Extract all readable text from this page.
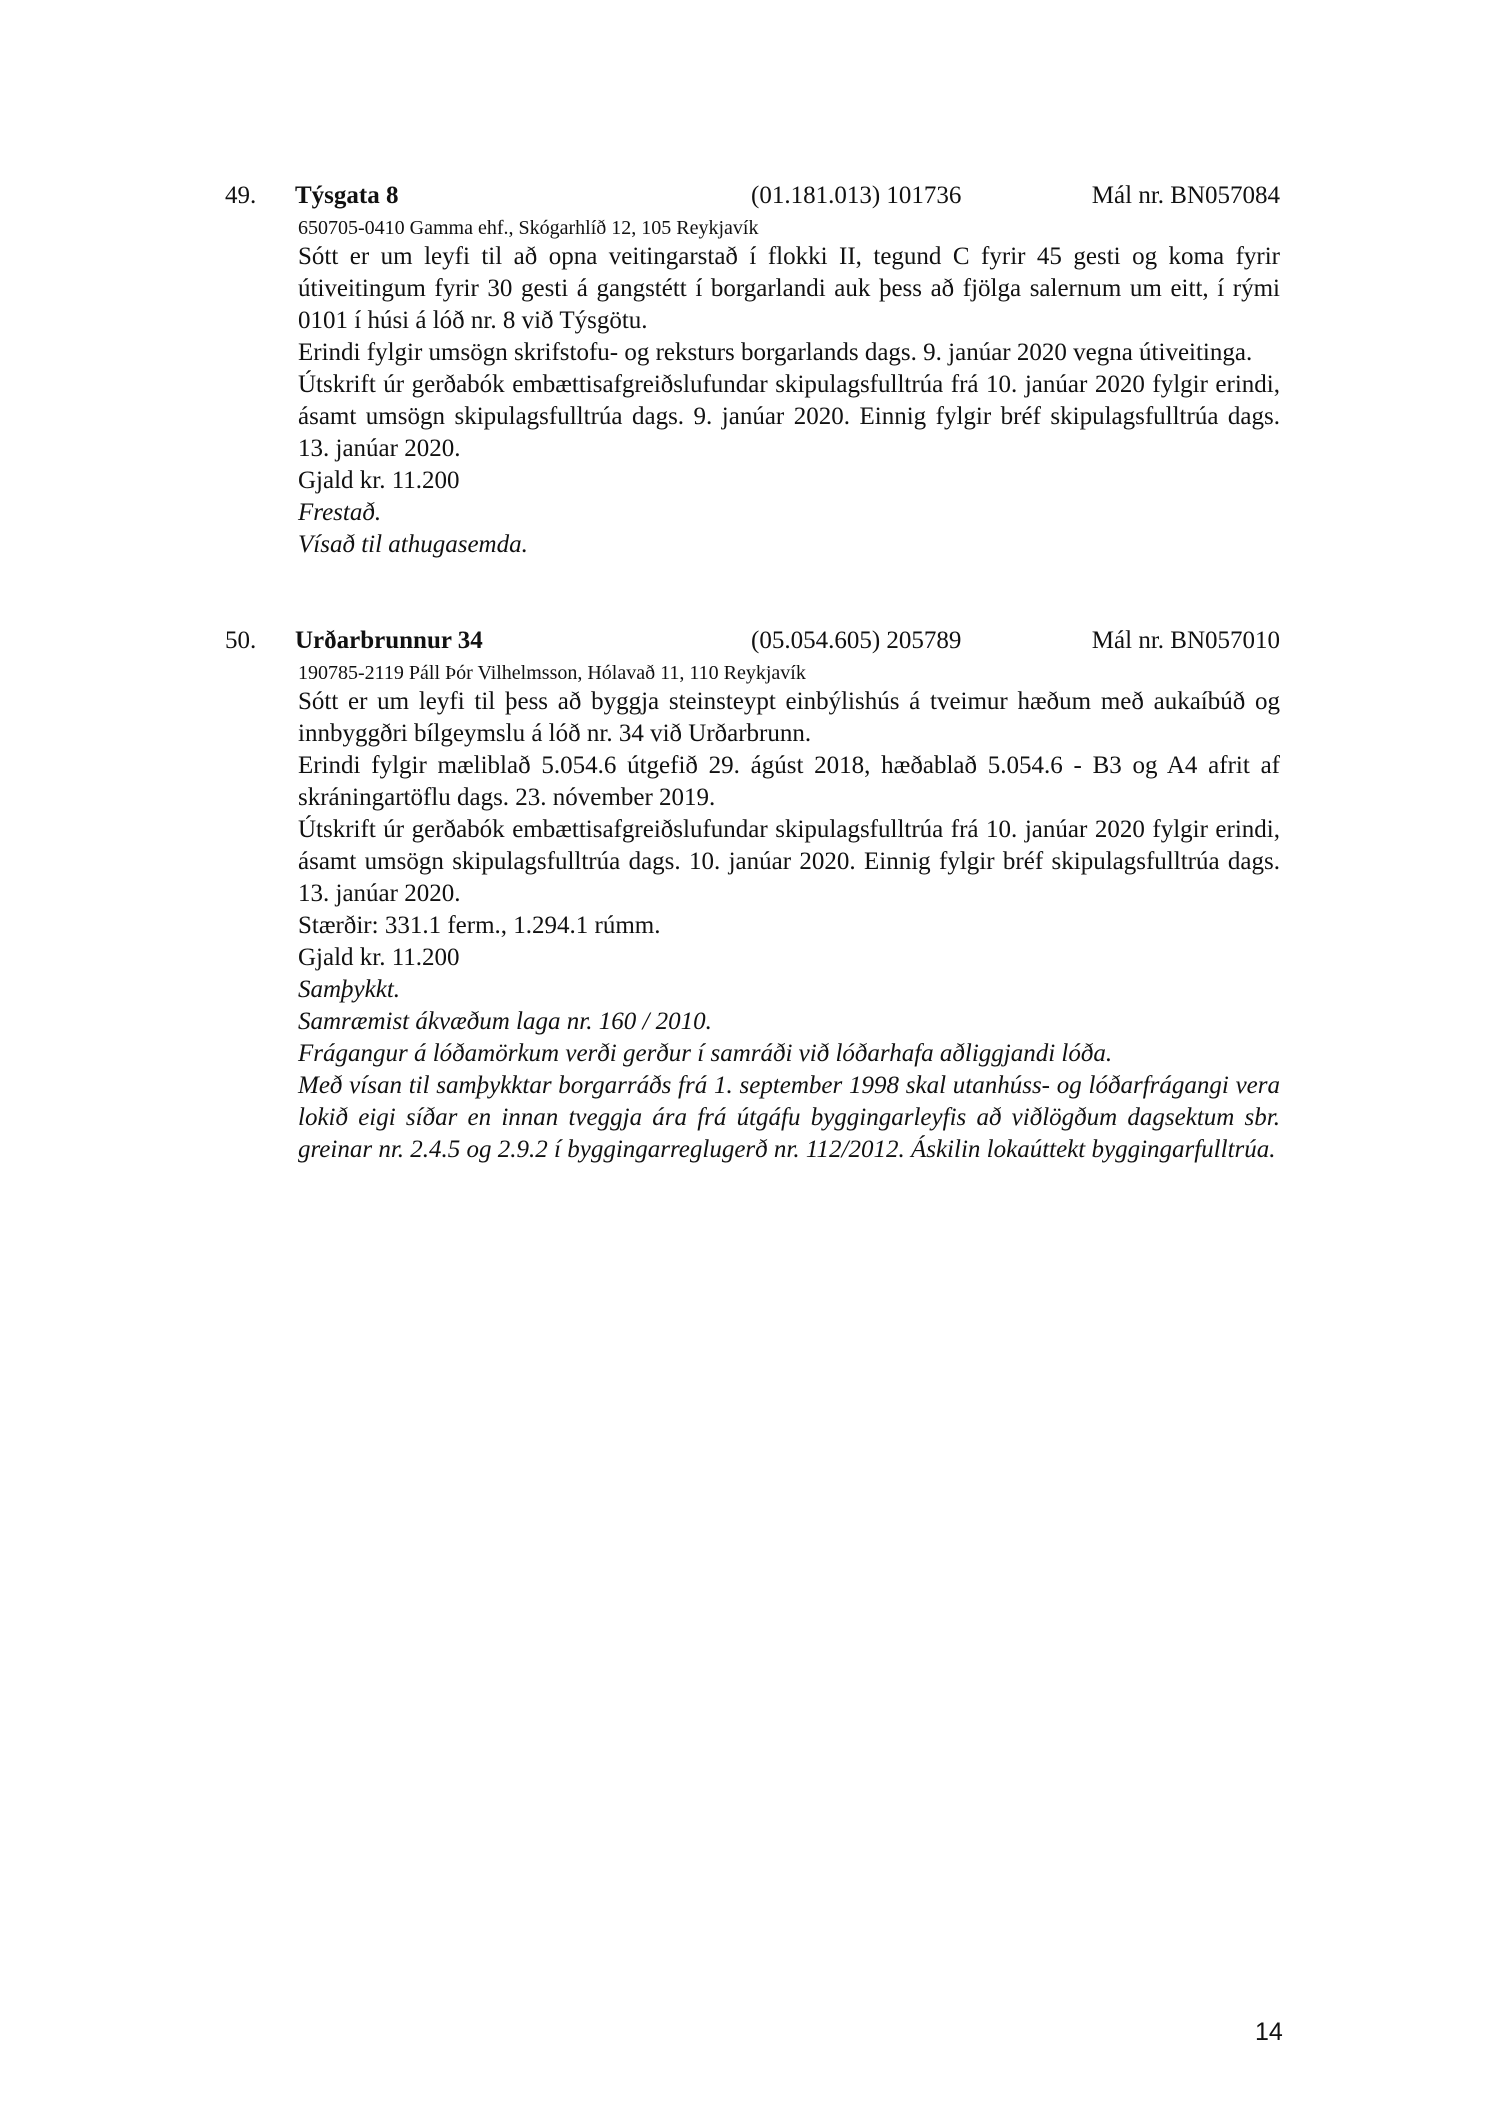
49. Týsgata 8	(01.181.013) 101736	Mál nr. BN057084
650705-0410 Gamma ehf., Skógarhlíð 12, 105 Reykjavík
Sótt er um leyfi til að opna veitingarstað í flokki II, tegund C fyrir 45 gesti og koma fyrir útiveitingum fyrir 30 gesti á gangstétt í borgarlandi auk þess að fjölga salernum um eitt, í rými 0101 í húsi á lóð nr. 8 við Týsgötu.
Erindi fylgir umsögn skrifstofu- og reksturs borgarlands dags. 9. janúar 2020 vegna útiveitinga.
Útskrift úr gerðabók embættisafgreiðslufundar skipulagsfulltrúa frá 10. janúar 2020 fylgir erindi, ásamt umsögn skipulagsfulltrúa dags. 9. janúar 2020. Einnig fylgir bréf skipulagsfulltrúa dags. 13. janúar 2020.
Gjald kr. 11.200
Frestað.
Vísað til athugasemda.
50. Urðarbrunnur 34	(05.054.605) 205789	Mál nr. BN057010
190785-2119 Páll Þór Vilhelmsson, Hólavað 11, 110 Reykjavík
Sótt er um leyfi til þess að byggja steinsteypt einbýlishús á tveimur hæðum með aukaíbúð og innbyggðri bílgeymslu á lóð nr. 34 við Urðarbrunn.
Erindi fylgir mæliblað 5.054.6 útgefið 29. ágúst 2018, hæðablað 5.054.6 - B3 og A4 afrit af skráningartöflu dags. 23. nóvember 2019.
Útskrift úr gerðabók embættisafgreiðslufundar skipulagsfulltrúa frá 10. janúar 2020 fylgir erindi, ásamt umsögn skipulagsfulltrúa dags. 10. janúar 2020. Einnig fylgir bréf skipulagsfulltrúa dags. 13. janúar 2020.
Stærðir: 331.1 ferm., 1.294.1 rúmm.
Gjald kr. 11.200
Samþykkt.
Samræmist ákvæðum laga nr. 160 / 2010.
Frágangur á lóðamörkum verði gerður í samráði við lóðarhafa aðliggjandi lóða.
Með vísan til samþykktar borgarráðs frá 1. september 1998 skal utanhúss- og lóðarfrágangi vera lokið eigi síðar en innan tveggja ára frá útgáfu byggingarleyfis að viðlögðum dagsektum sbr. greinar nr. 2.4.5 og 2.9.2 í byggingarreglugerð nr. 112/2012. Áskilin lokaúttekt byggingarfulltrúa.
14
